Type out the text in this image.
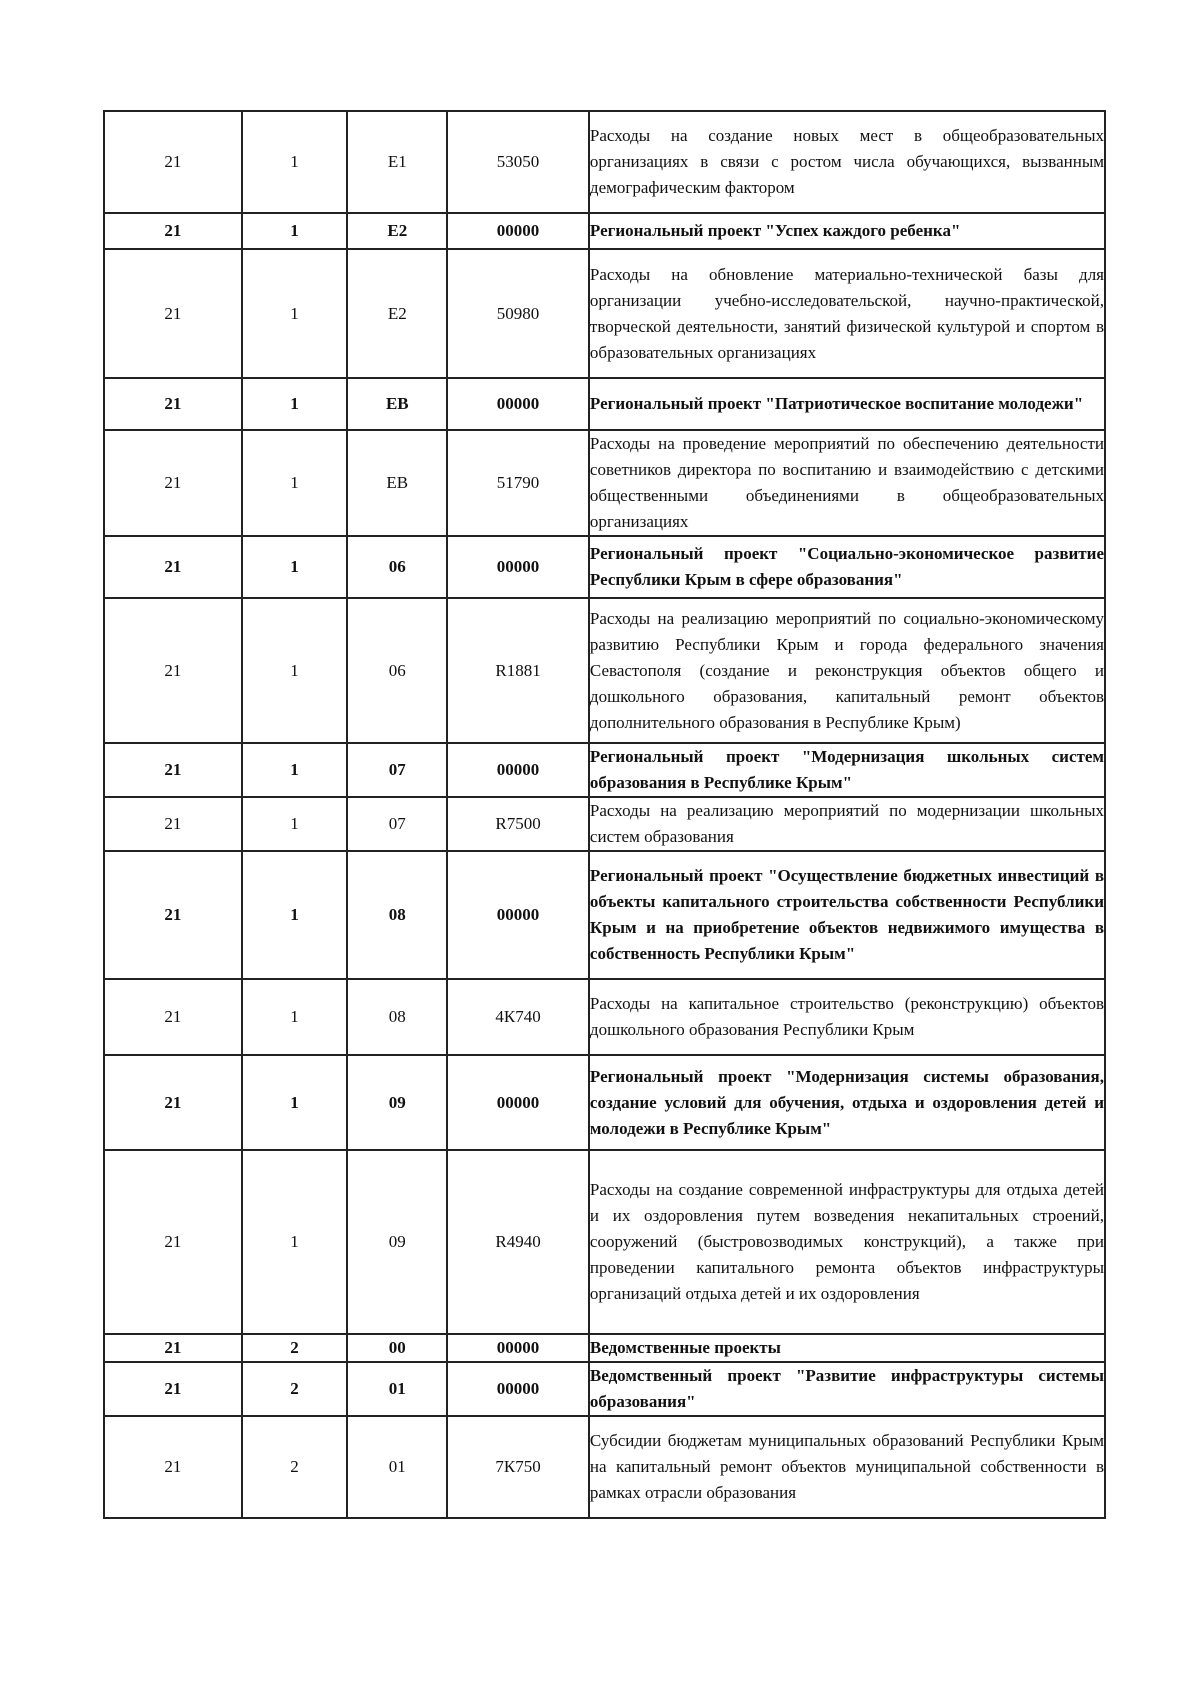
21	1	E1	53050	Расходы на создание новых мест в общеобразовательных организациях в связи с ростом числа обучающихся, вызванным демографическим фактором
21	1	E2	00000	Региональный проект "Успех каждого ребенка"
21	1	E2	50980	Расходы на обновление материально-технической базы для организации учебно-исследовательской, научно-практической, творческой деятельности, занятий физической культурой и спортом в образовательных организациях
21	1	EB	00000	Региональный проект "Патриотическое воспитание молодежи"
21	1	EB	51790	Расходы на проведение мероприятий по обеспечению деятельности советников директора по воспитанию и взаимодействию с детскими общественными объединениями в общеобразовательных организациях
21	1	06	00000	Региональный проект "Социально-экономическое развитие Республики Крым в сфере образования"
21	1	06	R1881	Расходы на реализацию мероприятий по социально-экономическому развитию Республики Крым и города федерального значения Севастополя (создание и реконструкция объектов общего и дошкольного образования, капитальный ремонт объектов дополнительного образования в Республике Крым)
21	1	07	00000	Региональный проект "Модернизация школьных систем образования в Республике Крым"
21	1	07	R7500	Расходы на реализацию мероприятий по модернизации школьных систем образования
21	1	08	00000	Региональный проект "Осуществление бюджетных инвестиций в объекты капитального строительства собственности Республики Крым и на приобретение объектов недвижимого имущества в собственность Республики Крым"
21	1	08	4К740	Расходы на капитальное строительство (реконструкцию) объектов дошкольного образования Республики Крым
21	1	09	00000	Региональный проект "Модернизация системы образования, создание условий для обучения, отдыха и оздоровления детей и молодежи в Республике Крым"
21	1	09	R4940	Расходы на создание современной инфраструктуры для отдыха детей и их оздоровления путем возведения некапитальных строений, сооружений (быстровозводимых конструкций), а также при проведении капитального ремонта объектов инфраструктуры организаций отдыха детей и их оздоровления
21	2	00	00000	Ведомственные проекты
21	2	01	00000	Ведомственный проект "Развитие инфраструктуры системы образования"
21	2	01	7К750	Субсидии бюджетам муниципальных образований Республики Крым на капитальный ремонт объектов муниципальной собственности в рамках отрасли образования
